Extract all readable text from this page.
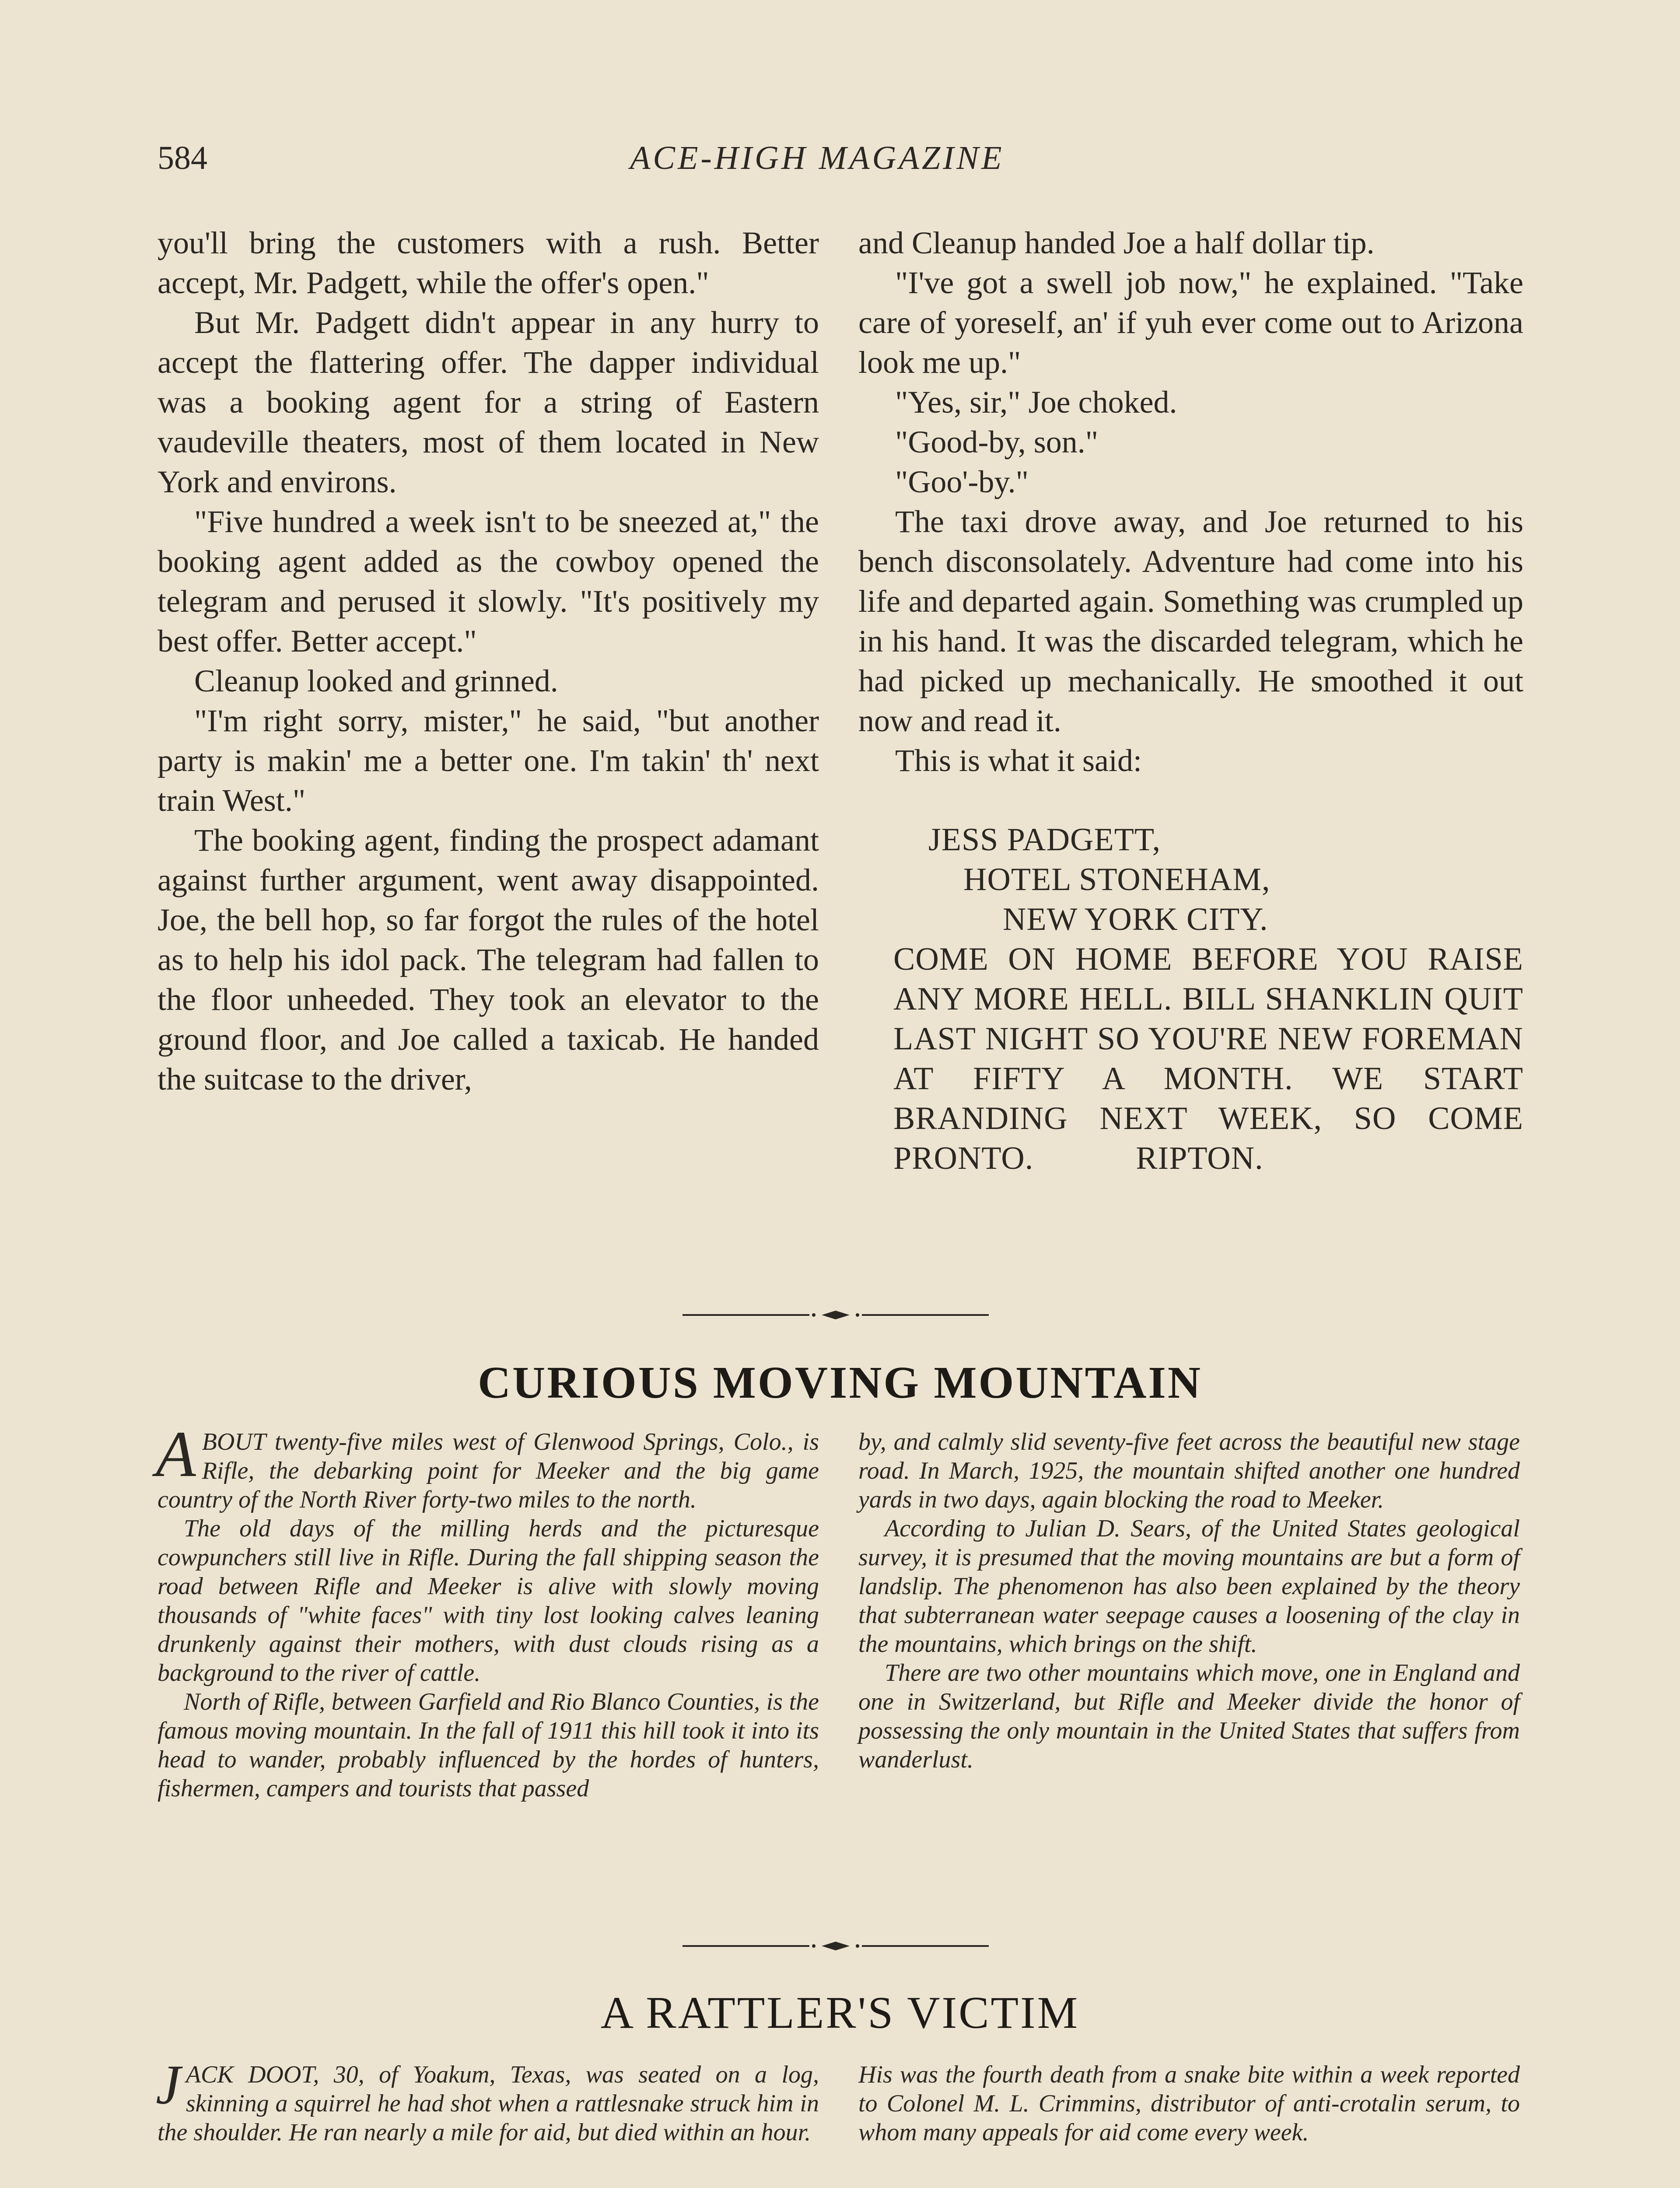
584	ACE-HIGH MAGAZINE

you'll bring the customers with a rush. Better accept, Mr. Padgett, while the offer's open."

But Mr. Padgett didn't appear in any hurry to accept the flattering offer. The dapper individual was a booking agent for a string of Eastern vaudeville theaters, most of them located in New York and environs.

"Five hundred a week isn't to be sneezed at," the booking agent added as the cowboy opened the telegram and perused it slowly. "It's positively my best offer. Better accept."

Cleanup looked and grinned.

"I'm right sorry, mister," he said, "but another party is makin' me a better one. I'm takin' th' next train West."

The booking agent, finding the prospect adamant against further argument, went away disappointed. Joe, the bell hop, so far forgot the rules of the hotel as to help his idol pack. The telegram had fallen to the floor unheeded. They took an elevator to the ground floor, and Joe called a taxicab. He handed the suitcase to the driver,

and Cleanup handed Joe a half dollar tip.

"I've got a swell job now," he explained. "Take care of yoreself, an' if yuh ever come out to Arizona look me up."

"Yes, sir," Joe choked.

"Good-by, son."

"Goo'-by."

The taxi drove away, and Joe returned to his bench disconsolately. Adventure had come into his life and departed again. Something was crumpled up in his hand. It was the discarded telegram, which he had picked up mechanically. He smoothed it out now and read it.

This is what it said:

JESS PADGETT,
HOTEL STONEHAM,
NEW YORK CITY.
COME ON HOME BEFORE YOU RAISE ANY MORE HELL. BILL SHANKLIN QUIT LAST NIGHT SO YOU'RE NEW FOREMAN AT FIFTY A MONTH. WE START BRANDING NEXT WEEK, SO COME PRONTO.	RIPTON.
CURIOUS MOVING MOUNTAIN

ABOUT twenty-five miles west of Glenwood Springs, Colo., is Rifle, the debarking point for Meeker and the big game country of the North River forty-two miles to the north.

The old days of the milling herds and the picturesque cowpunchers still live in Rifle. During the fall shipping season the road between Rifle and Meeker is alive with slowly moving thousands of "white faces" with tiny lost looking calves leaning drunkenly against their mothers, with dust clouds rising as a background to the river of cattle.

North of Rifle, between Garfield and Rio Blanco Counties, is the famous moving mountain. In the fall of 1911 this hill took it into its head to wander, probably influenced by the hordes of hunters, fishermen, campers and tourists that passed

by, and calmly slid seventy-five feet across the beautiful new stage road. In March, 1925, the mountain shifted another one hundred yards in two days, again blocking the road to Meeker.

According to Julian D. Sears, of the United States geological survey, it is presumed that the moving mountains are but a form of landslip. The phenomenon has also been explained by the theory that subterranean water seepage causes a loosening of the clay in the mountains, which brings on the shift.

There are two other mountains which move, one in England and one in Switzerland, but Rifle and Meeker divide the honor of possessing the only mountain in the United States that suffers from wanderlust.

A RATTLER'S VICTIM

JACK DOOT, 30, of Yoakum, Texas, was seated on a log, skinning a squirrel he had shot when a rattlesnake struck him in the shoulder. He ran nearly a mile for aid, but died within an hour.

His was the fourth death from a snake bite within a week reported to Colonel M. L. Crimmins, distributor of anti-crotalin serum, to whom many appeals for aid come every week.
